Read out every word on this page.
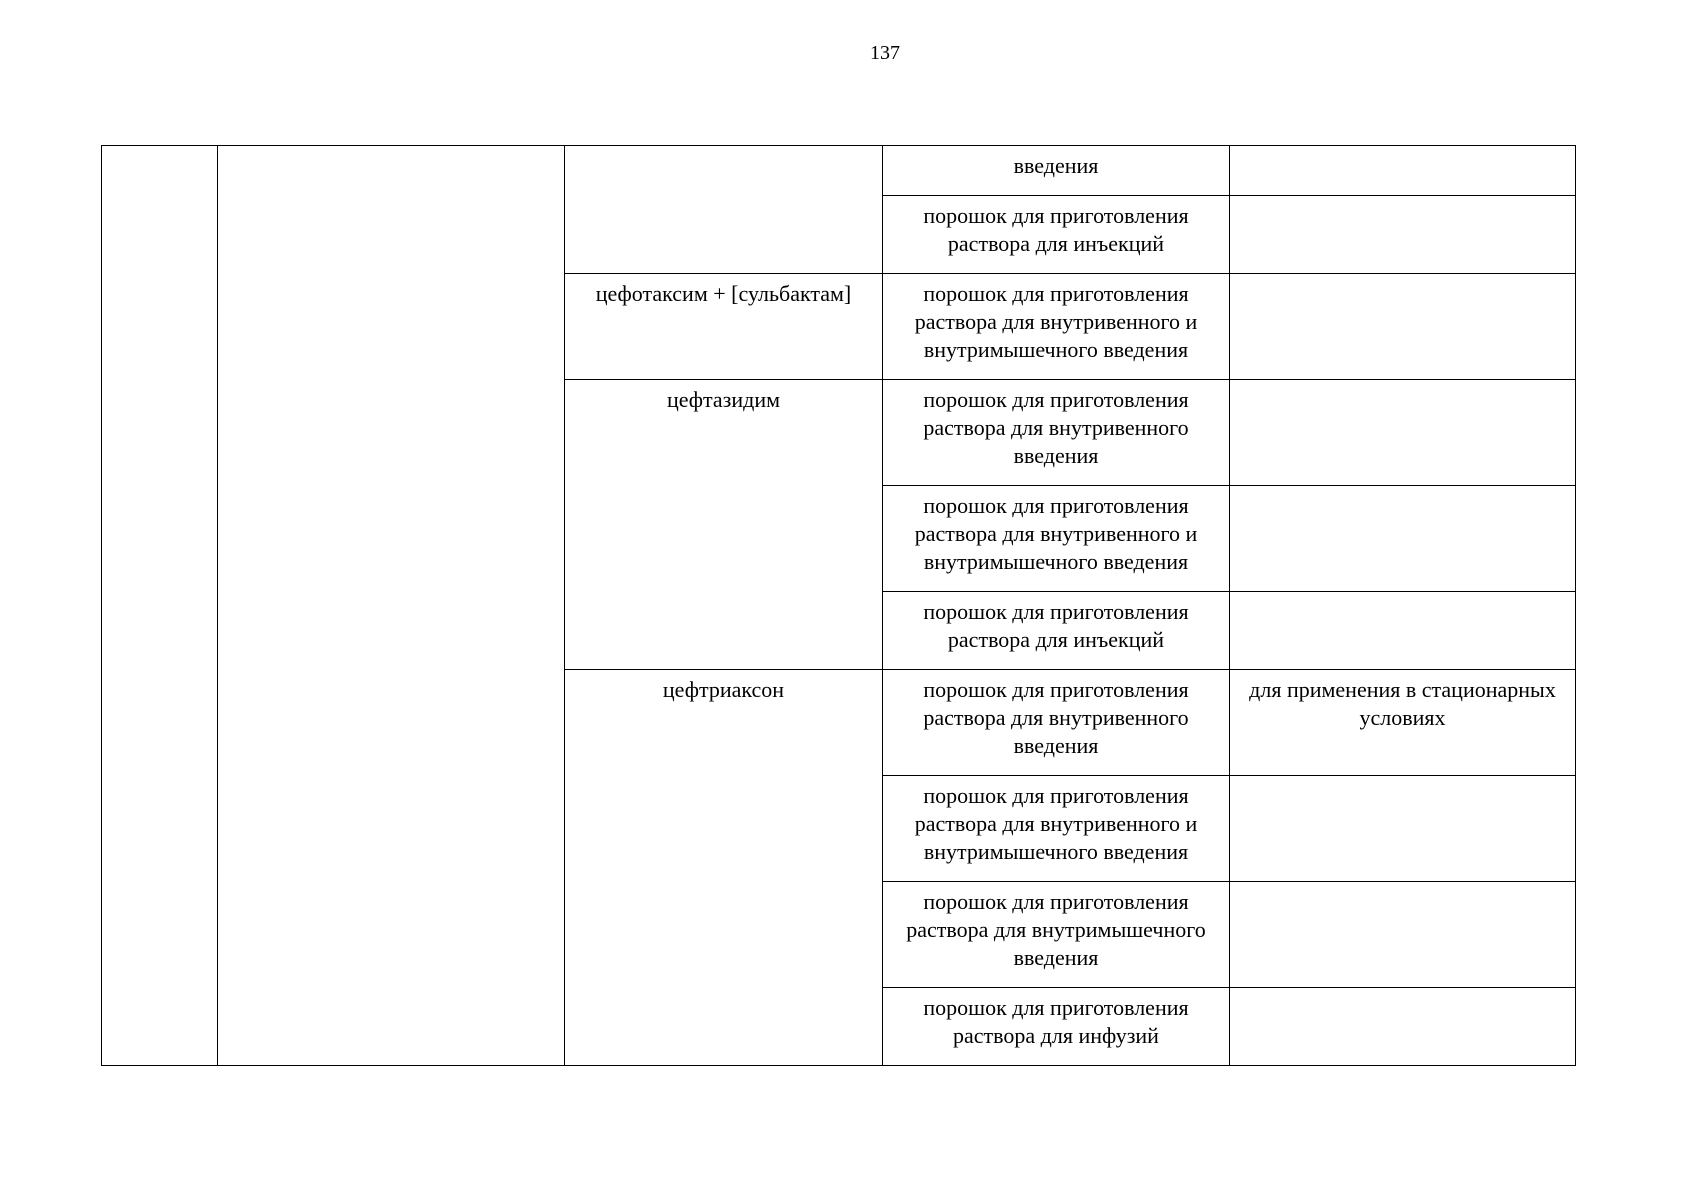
137
			введения	
			порошок для приготовления раствора для инъекций	
		цефотаксим + [сульбактам]	порошок для приготовления раствора для внутривенного и внутримышечного введения	
		цефтазидим	порошок для приготовления раствора для внутривенного введения	
			порошок для приготовления раствора для внутривенного и внутримышечного введения	
			порошок для приготовления раствора для инъекций	
		цефтриаксон	порошок для приготовления раствора для внутривенного введения	для применения в стационарных условиях
			порошок для приготовления раствора для внутривенного и внутримышечного введения	
			порошок для приготовления раствора для внутримышечного введения	
			порошок для приготовления раствора для инфузий	
